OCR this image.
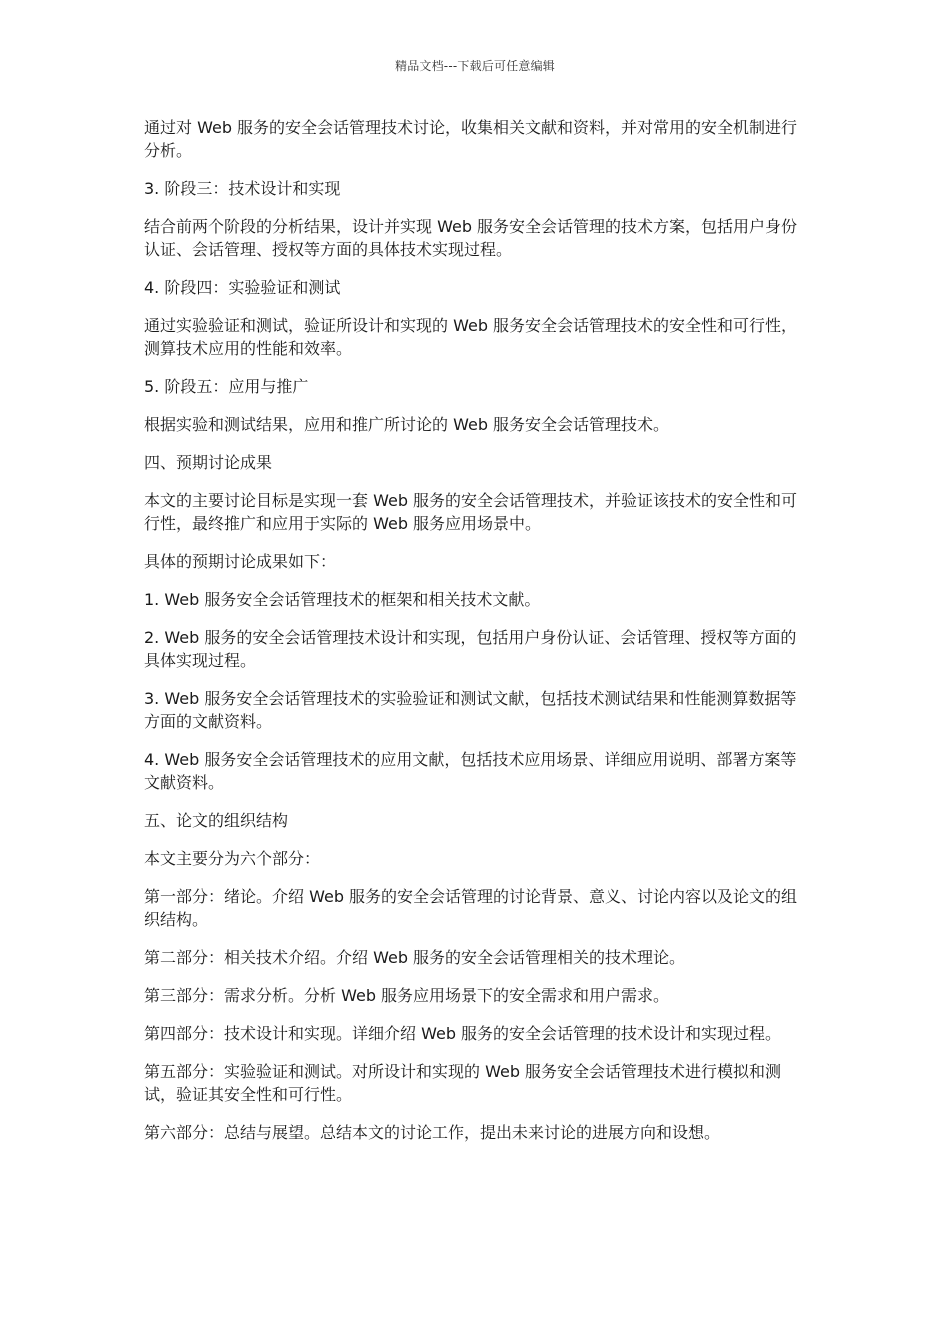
精品文档---下载后可任意编辑

通过对 Web 服务的安全会话管理技术讨论，收集相关文献和资料，并对常用的安全机制进行分析。

3. 阶段三：技术设计和实现

结合前两个阶段的分析结果，设计并实现 Web 服务安全会话管理的技术方案，包括用户身份认证、会话管理、授权等方面的具体技术实现过程。

4. 阶段四：实验验证和测试

通过实验验证和测试，验证所设计和实现的 Web 服务安全会话管理技术的安全性和可行性，测算技术应用的性能和效率。

5. 阶段五：应用与推广

根据实验和测试结果，应用和推广所讨论的 Web 服务安全会话管理技术。

四、预期讨论成果

本文的主要讨论目标是实现一套 Web 服务的安全会话管理技术，并验证该技术的安全性和可行性，最终推广和应用于实际的 Web 服务应用场景中。

具体的预期讨论成果如下：

1. Web 服务安全会话管理技术的框架和相关技术文献。

2. Web 服务的安全会话管理技术设计和实现，包括用户身份认证、会话管理、授权等方面的具体实现过程。

3. Web 服务安全会话管理技术的实验验证和测试文献，包括技术测试结果和性能测算数据等方面的文献资料。

4. Web 服务安全会话管理技术的应用文献，包括技术应用场景、详细应用说明、部署方案等文献资料。

五、论文的组织结构

本文主要分为六个部分：

第一部分：绪论。介绍 Web 服务的安全会话管理的讨论背景、意义、讨论内容以及论文的组织结构。

第二部分：相关技术介绍。介绍 Web 服务的安全会话管理相关的技术理论。

第三部分：需求分析。分析 Web 服务应用场景下的安全需求和用户需求。

第四部分：技术设计和实现。详细介绍 Web 服务的安全会话管理的技术设计和实现过程。

第五部分：实验验证和测试。对所设计和实现的 Web 服务安全会话管理技术进行模拟和测试，验证其安全性和可行性。

第六部分：总结与展望。总结本文的讨论工作，提出未来讨论的进展方向和设想。
